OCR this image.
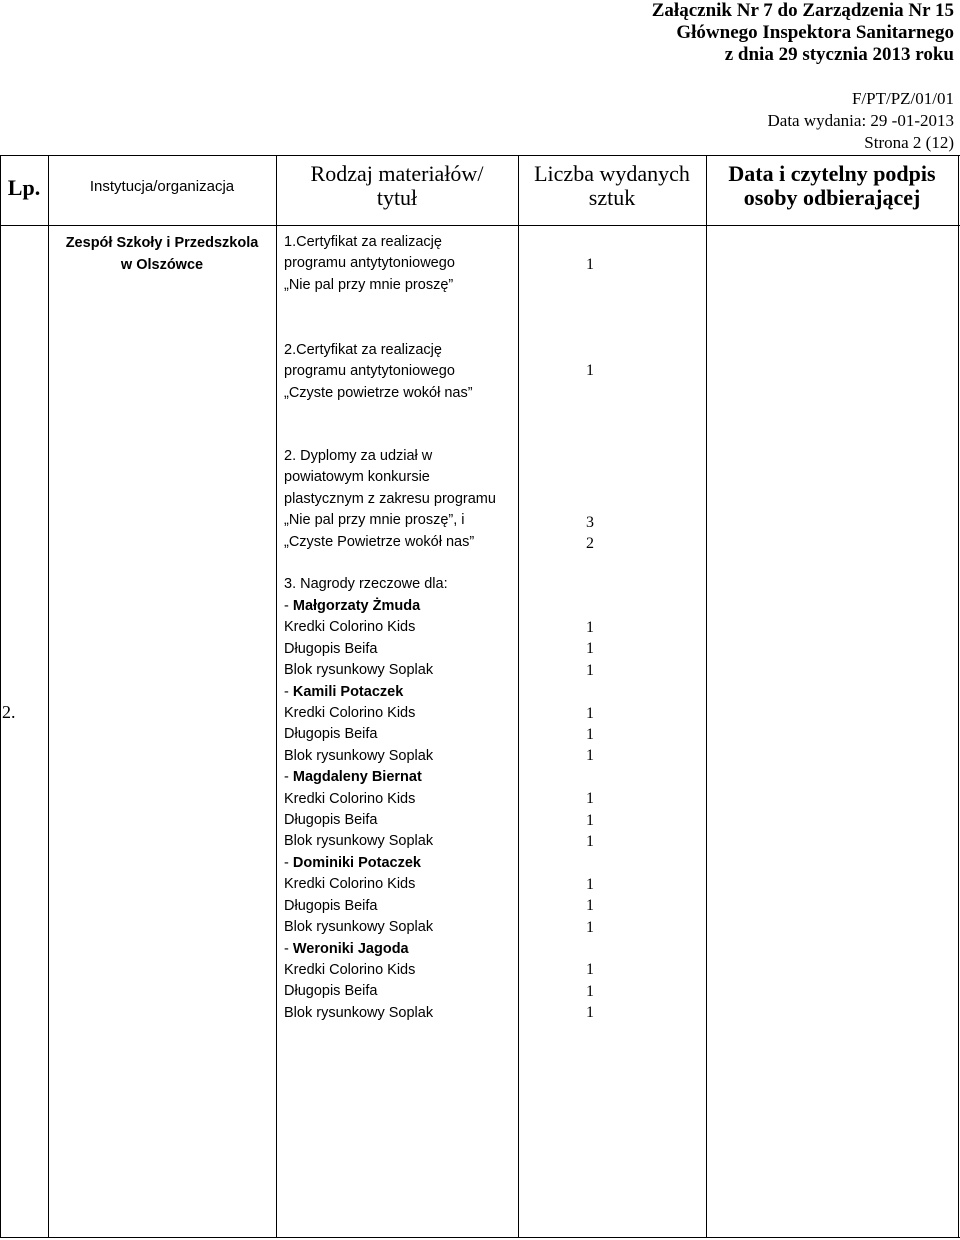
Załącznik Nr 7 do Zarządzenia Nr 15
Głównego Inspektora Sanitarnego
z dnia 29 stycznia 2013 roku
F/PT/PZ/01/01
Data wydania: 29 -01-2013
Strona 2 (12)
Lp.	Instytucja/organizacja
Rodzaj materiałów/
tytuł
Liczba wydanych
sztuk
Data i czytelny podpis
osoby odbierającej
2.
Zespół Szkoły i Przedszkola
w Olszówce
1.Certyfikat za realizację
programu antytytoniowego
„Nie pal przy mnie proszę”
1
2.Certyfikat za realizację
programu antytytoniowego
„Czyste powietrze wokół nas”
1
2. Dyplomy za udział w
powiatowym konkursie
plastycznym z zakresu programu
„Nie pal przy mnie proszę”, i
„Czyste Powietrze wokół nas”
3
2
3. Nagrody rzeczowe dla:
- Małgorzaty Żmuda
Kredki Colorino Kids
Długopis Beifa
Blok rysunkowy Soplak
- Kamili Potaczek
Kredki Colorino Kids
Długopis Beifa
Blok rysunkowy Soplak
- Magdaleny Biernat
Kredki Colorino Kids
Długopis Beifa
Blok rysunkowy Soplak
- Dominiki Potaczek
Kredki Colorino Kids
Długopis Beifa
Blok rysunkowy Soplak
- Weroniki Jagoda
Kredki Colorino Kids
Długopis Beifa
Blok rysunkowy Soplak
1
1
1
1
1
1
1
1
1
1
1
1
1
1
1
